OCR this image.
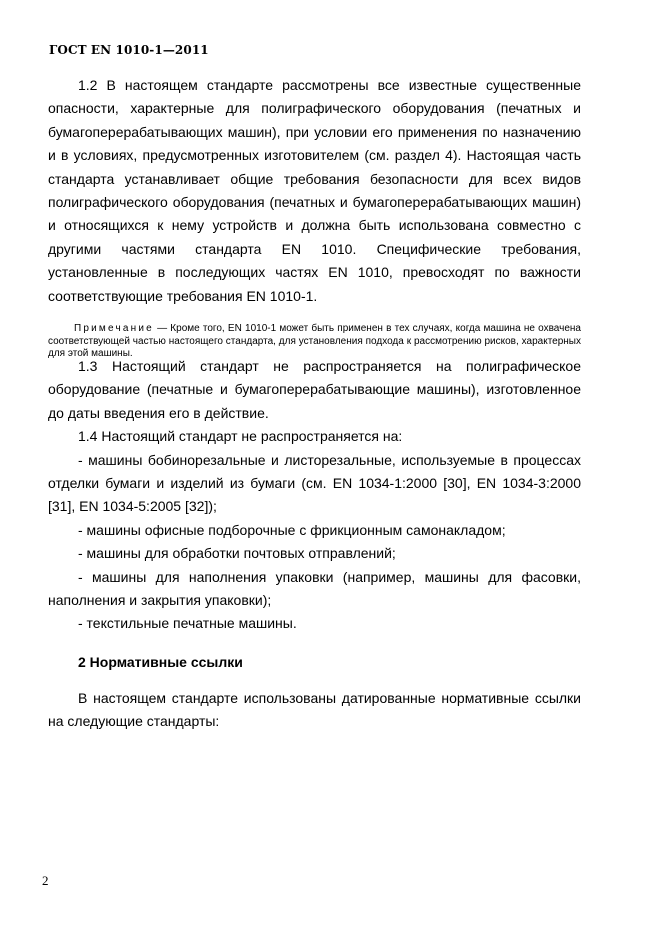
ГОСТ EN 1010-1—2011

1.2 В настоящем стандарте рассмотрены все известные существенные опасности, характерные для полиграфического оборудования (печатных и бумагоперерабатывающих машин), при условии его применения по назначению и в условиях, предусмотренных изготовителем (см. раздел 4). Настоящая часть стандарта устанавливает общие требования безопасности для всех видов полиграфического оборудования (печатных и бумагоперерабатывающих машин) и относящихся к нему устройств и должна быть использована совместно с другими частями стандарта EN 1010. Специфические требования, установленные в последующих частях EN 1010, превосходят по важности соответствующие требования EN 1010-1.

Примечание — Кроме того, EN 1010-1 может быть применен в тех случаях, когда машина не охвачена соответствующей частью настоящего стандарта, для установления подхода к рассмотрению рисков, характерных для этой машины.

1.3 Настоящий стандарт не распространяется на полиграфическое оборудование (печатные и бумагоперерабатывающие машины), изготовленное до даты введения его в действие.

1.4 Настоящий стандарт не распространяется на:

- машины бобинорезальные и листорезальные, используемые в процессах отделки бумаги и изделий из бумаги (см. EN 1034-1:2000 [30], EN 1034-3:2000 [31], EN 1034-5:2005 [32]);

- машины офисные подборочные с фрикционным самонакладом;

- машины для обработки почтовых отправлений;

- машины для наполнения упаковки (например, машины для фасовки, наполнения и закрытия упаковки);

- текстильные печатные машины.

2 Нормативные ссылки

В настоящем стандарте использованы датированные нормативные ссылки на следующие стандарты:

2
